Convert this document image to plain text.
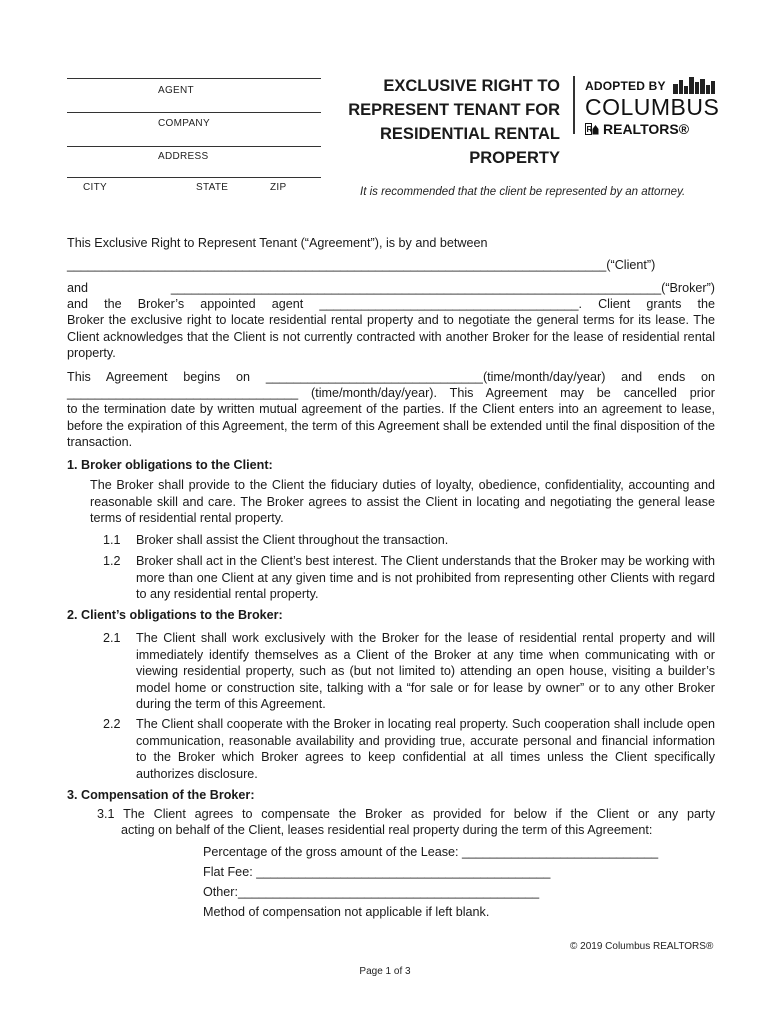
AGENT
COMPANY
ADDRESS
CITY	STATE	ZIP
EXCLUSIVE RIGHT TO
REPRESENT TENANT FOR
RESIDENTIAL RENTAL
PROPERTY
ADOPTED BY
COLUMBUS
R REALTORS®
It is recommended that the client be represented by an attorney.
This Exclusive Right to Represent Tenant (“Agreement”), is by and between
_____________________________________________________________________________(“Client”)
and ______________________________________________________________________(“Broker”)
and the Broker’s appointed agent _____________________________________. Client grants the
Broker the exclusive right to locate residential rental property and to negotiate the general terms for its lease. The Client acknowledges that the Client is not currently contracted with another Broker for the lease of residential rental property.
This Agreement begins on _______________________________(time/month/day/year) and ends on
_________________________________ (time/month/day/year). This Agreement may be cancelled prior
to the termination date by written mutual agreement of the parties. If the Client enters into an agreement to lease, before the expiration of this Agreement, the term of this Agreement shall be extended until the final disposition of the transaction.
1. Broker obligations to the Client:
The Broker shall provide to the Client the fiduciary duties of loyalty, obedience, confidentiality, accounting and reasonable skill and care. The Broker agrees to assist the Client in locating and negotiating the general lease terms of residential rental property.
1.1 Broker shall assist the Client throughout the transaction.
1.2 Broker shall act in the Client’s best interest. The Client understands that the Broker may be working with more than one Client at any given time and is not prohibited from representing other Clients with regard to any residential rental property.
2. Client’s obligations to the Broker:
2.1 The Client shall work exclusively with the Broker for the lease of residential rental property and will immediately identify themselves as a Client of the Broker at any time when communicating with or viewing residential property, such as (but not limited to) attending an open house, visiting a builder’s model home or construction site, talking with a “for sale or for lease by owner” or to any other Broker during the term of this Agreement.
2.2 The Client shall cooperate with the Broker in locating real property. Such cooperation shall include open communication, reasonable availability and providing true, accurate personal and financial information to the Broker which Broker agrees to keep confidential at all times unless the Client specifically authorizes disclosure.
3. Compensation of the Broker:
3.1 The Client agrees to compensate the Broker as provided for below if the Client or any party
acting on behalf of the Client, leases residential real property during the term of this Agreement:
Percentage of the gross amount of the Lease: ____________________________
Flat Fee: __________________________________________
Other:___________________________________________
Method of compensation not applicable if left blank.
© 2019 Columbus REALTORS®
Page 1 of 3
